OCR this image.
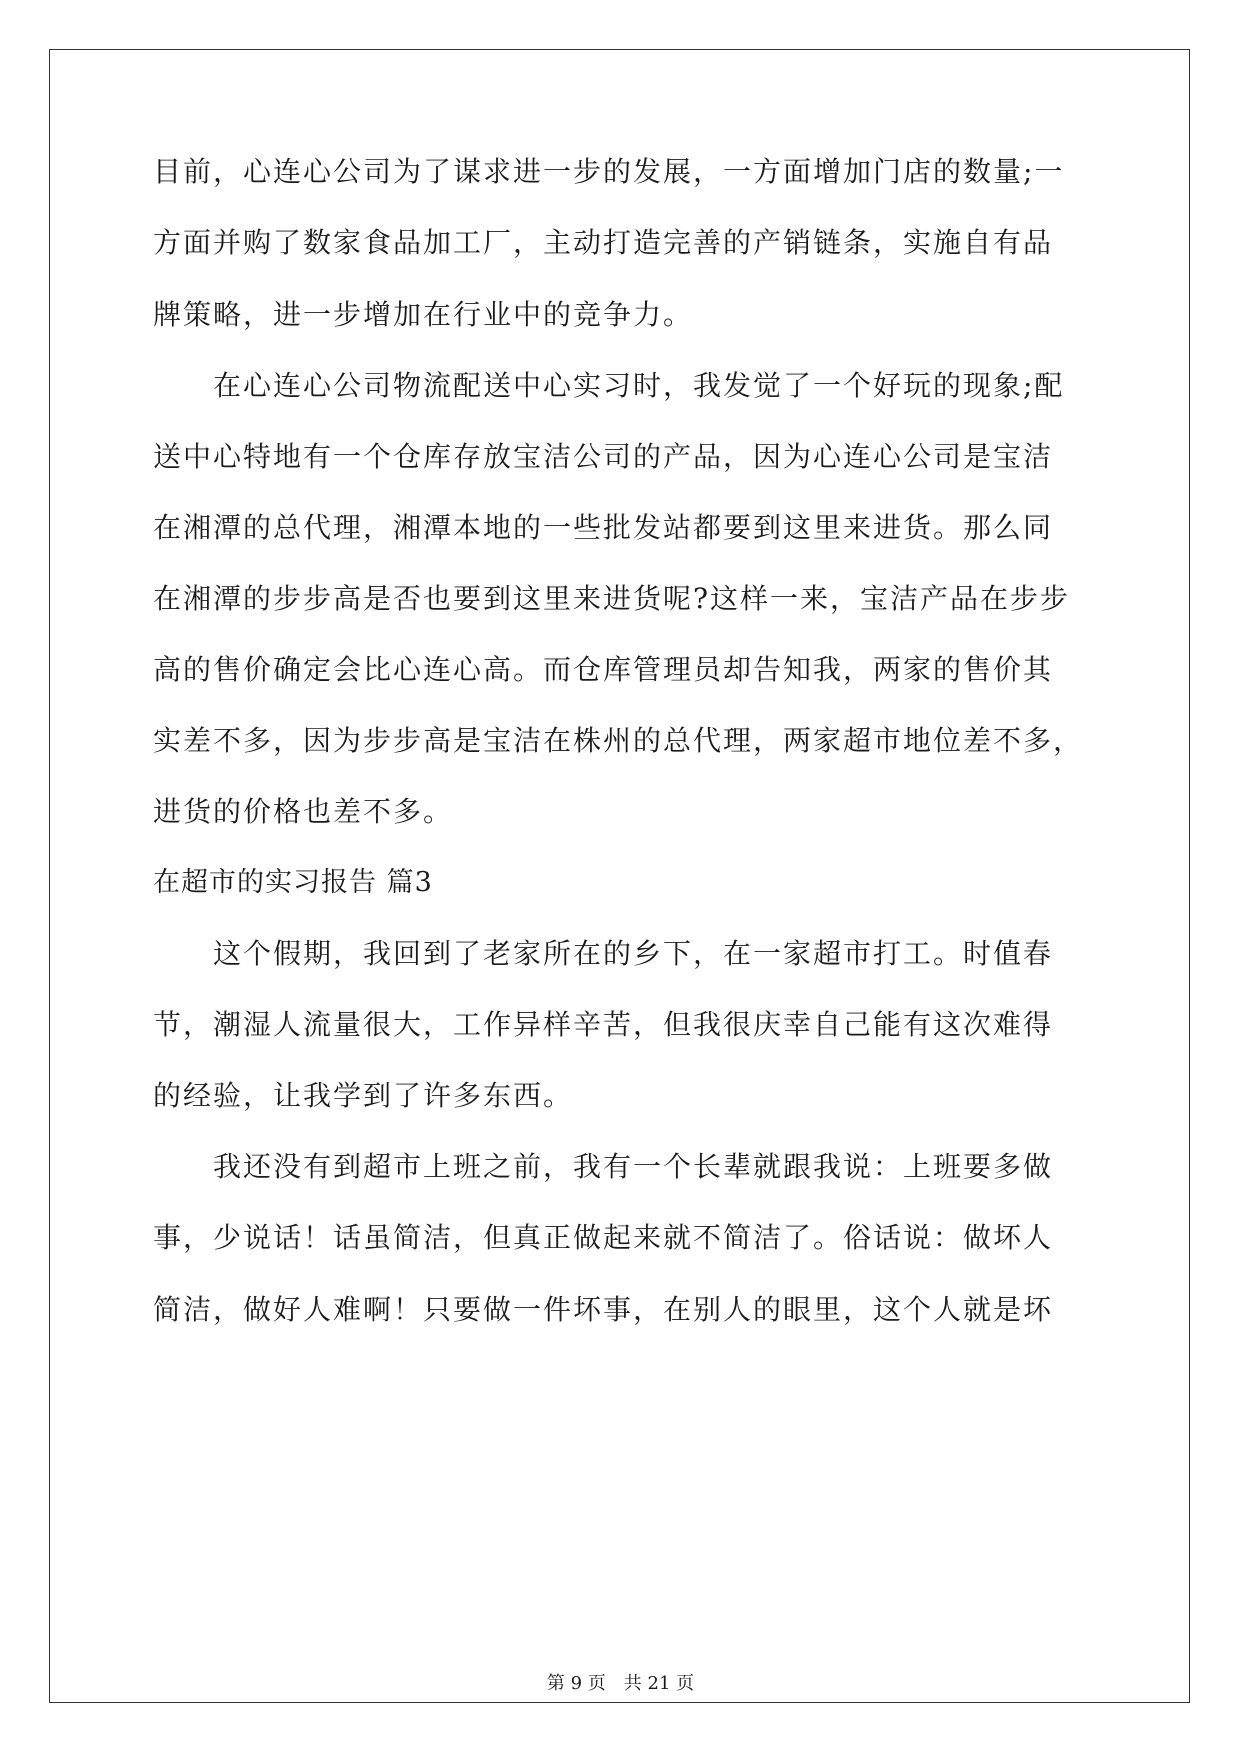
目前，心连心公司为了谋求进一步的发展，一方面增加门店的数量;一
方面并购了数家食品加工厂，主动打造完善的产销链条，实施自有品
牌策略，进一步增加在行业中的竞争力。
在心连心公司物流配送中心实习时，我发觉了一个好玩的现象;配
送中心特地有一个仓库存放宝洁公司的产品，因为心连心公司是宝洁
在湘潭的总代理，湘潭本地的一些批发站都要到这里来进货。那么同
在湘潭的步步高是否也要到这里来进货呢?这样一来，宝洁产品在步步
高的售价确定会比心连心高。而仓库管理员却告知我，两家的售价其
实差不多，因为步步高是宝洁在株州的总代理，两家超市地位差不多，
进货的价格也差不多。
在超市的实习报告 篇3
这个假期，我回到了老家所在的乡下，在一家超市打工。时值春
节，潮湿人流量很大，工作异样辛苦，但我很庆幸自己能有这次难得
的经验，让我学到了许多东西。
我还没有到超市上班之前，我有一个长辈就跟我说：上班要多做
事，少说话！话虽简洁，但真正做起来就不简洁了。俗话说：做坏人
简洁，做好人难啊！只要做一件坏事，在别人的眼里，这个人就是坏
第 9 页　共 21 页
